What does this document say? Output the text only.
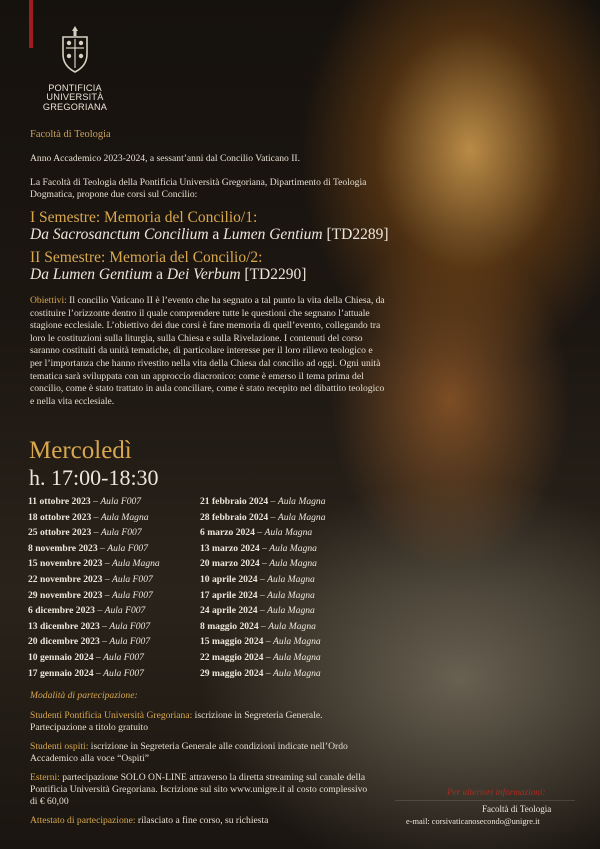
PONTIFICIA
UNIVERSITÀ
GREGORIANA
Facoltà di Teologia
Anno Accademico 2023-2024, a sessant’anni dal Concilio Vaticano II.
La Facoltà di Teologia della Pontificia Università Gregoriana, Dipartimento di Teologia Dogmatica, propone due corsi sul Concilio:
I Semestre: Memoria del Concilio/1:
Da Sacrosanctum Concilium a Lumen Gentium [TD2289]
II Semestre: Memoria del Concilio/2:
Da Lumen Gentium a Dei Verbum [TD2290]
Obiettivi: Il concilio Vaticano II è l’evento che ha segnato a tal punto la vita della Chiesa, da costituire l’orizzonte dentro il quale comprendere tutte le questioni che segnano l’attuale stagione ecclesiale. L’obiettivo dei due corsi è fare memoria di quell’evento, collegando tra loro le costituzioni sulla liturgia, sulla Chiesa e sulla Rivelazione. I contenuti del corso saranno costituiti da unità tematiche, di particolare interesse per il loro rilievo teologico e per l’importanza che hanno rivestito nella vita della Chiesa dal concilio ad oggi. Ogni unità tematica sarà sviluppata con un approccio diacronico: come è emerso il tema prima del concilio, come è stato trattato in aula conciliare, come è stato recepito nel dibattito teologico e nella vita ecclesiale.
Mercoledì
h. 17:00-18:30
11 ottobre 2023 – Aula F007
18 ottobre 2023 – Aula Magna
25 ottobre 2023 – Aula F007
8 novembre 2023 – Aula F007
15 novembre 2023 – Aula Magna
22 novembre 2023 – Aula F007
29 novembre 2023 – Aula F007
6 dicembre 2023 – Aula F007
13 dicembre 2023 – Aula F007
20 dicembre 2023 – Aula F007
10 gennaio 2024 – Aula F007
17 gennaio 2024 – Aula F007
21 febbraio 2024 – Aula Magna
28 febbraio 2024 – Aula Magna
6 marzo 2024 – Aula Magna
13 marzo 2024 – Aula Magna
20 marzo 2024 – Aula Magna
10 aprile 2024 – Aula Magna
17 aprile 2024 – Aula Magna
24 aprile 2024 – Aula Magna
8 maggio 2024 – Aula Magna
15 maggio 2024 – Aula Magna
22 maggio 2024 – Aula Magna
29 maggio 2024 – Aula Magna
Modalità di partecipazione:
Studenti Pontificia Università Gregoriana: iscrizione in Segreteria Generale. Partecipazione a titolo gratuito
Studenti ospiti: iscrizione in Segreteria Generale alle condizioni indicate nell’Ordo Accademico alla voce “Ospiti”
Esterni: partecipazione SOLO ON-LINE attraverso la diretta streaming sul canale della Pontificia Università Gregoriana. Iscrizione sul sito www.unigre.it al costo complessivo di € 60,00
Attestato di partecipazione: rilasciato a fine corso, su richiesta
Per ulteriori informazioni:
Facoltà di Teologia
e-mail: corsivaticanosecondo@unigre.it
